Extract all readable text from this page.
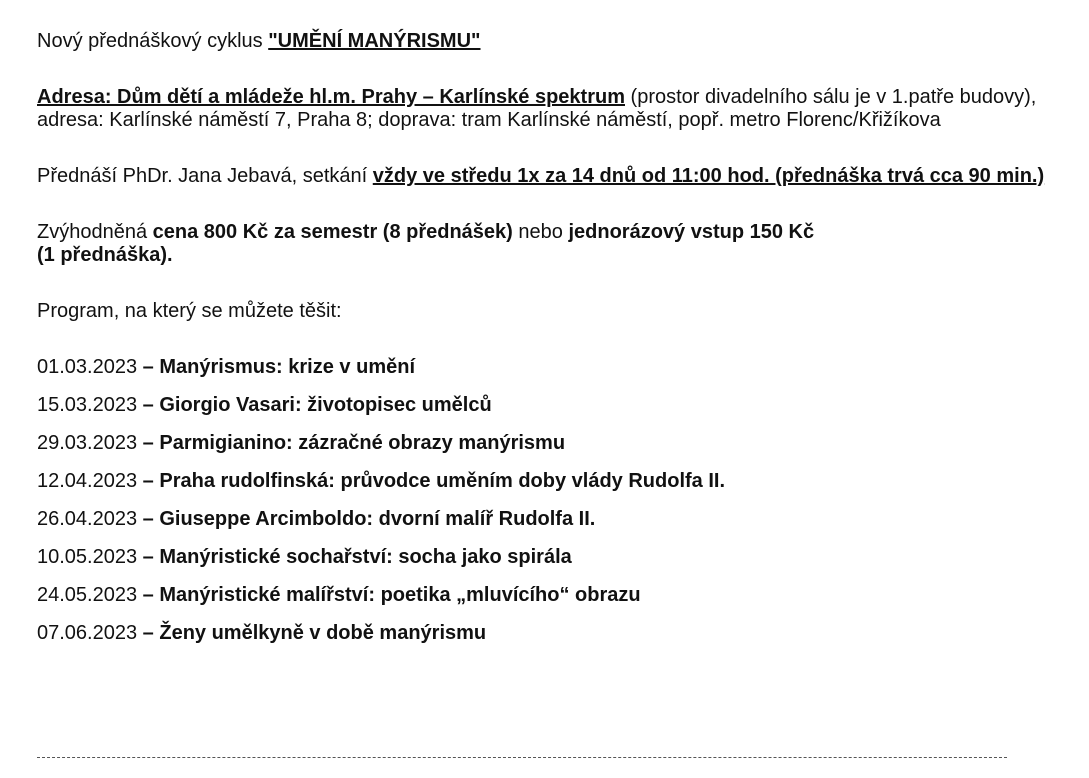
Nový přednáškový cyklus "UMĚNÍ MANÝRISMU"

Adresa: Dům dětí a mládeže hl.m. Prahy – Karlínské spektrum (prostor divadelního sálu je v 1.patře budovy), adresa: Karlínské náměstí 7, Praha 8; doprava: tram Karlínské náměstí, popř. metro Florenc/Křižíkova

Přednáší PhDr. Jana Jebavá, setkání vždy ve středu 1x za 14 dnů od 11:00 hod. (přednáška trvá cca 90 min.)

Zvýhodněná cena 800 Kč za semestr (8 přednášek) nebo jednorázový vstup 150 Kč
(1 přednáška).

Program, na který se můžete těšit:

01.03.2023 – Manýrismus: krize v umění
15.03.2023 – Giorgio Vasari: životopisec umělců
29.03.2023 – Parmigianino: zázračné obrazy manýrismu
12.04.2023 – Praha rudolfinská: průvodce uměním doby vlády Rudolfa II.
26.04.2023 – Giuseppe Arcimboldo: dvorní malíř Rudolfa II.
10.05.2023 – Manýristické sochařství: socha jako spirála
24.05.2023 – Manýristické malířství: poetika „mluvícího“ obrazu
07.06.2023 – Ženy umělkyně v době manýrismu
